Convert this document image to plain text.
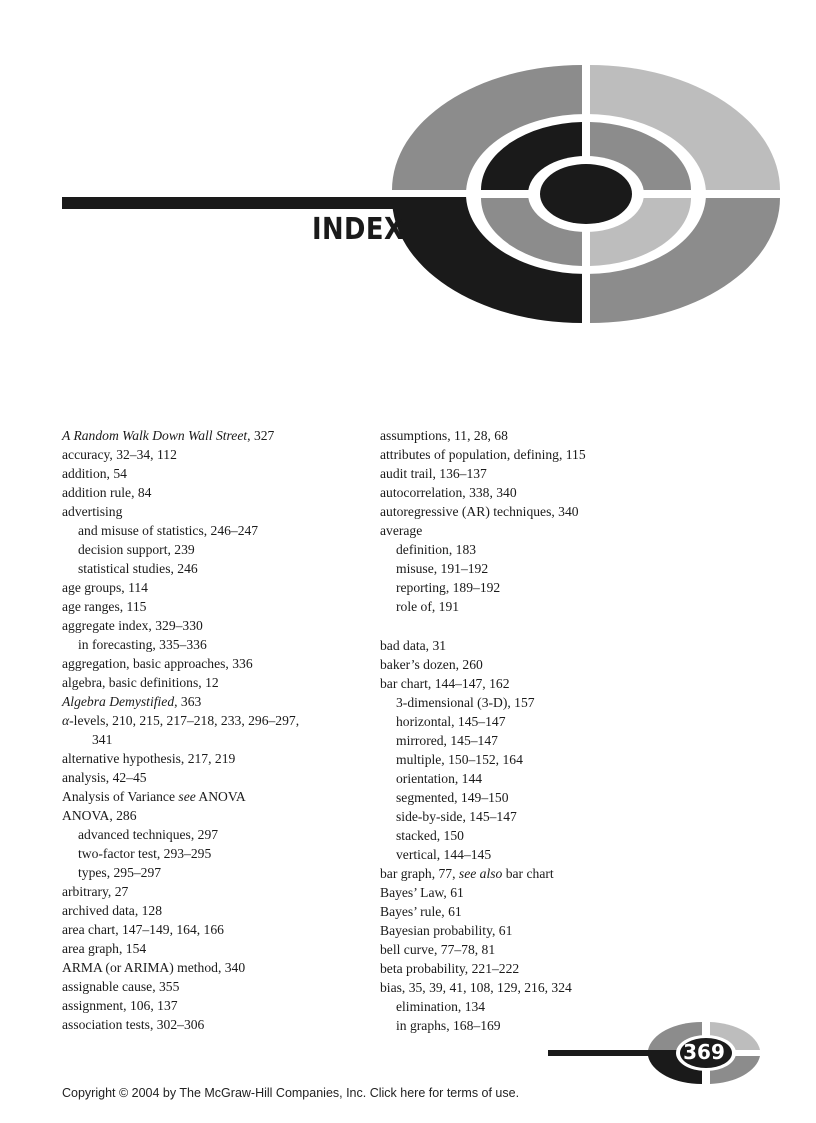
INDEX
A Random Walk Down Wall Street, 327
accuracy, 32–34, 112
addition, 54
addition rule, 84
advertising
and misuse of statistics, 246–247
decision support, 239
statistical studies, 246
age groups, 114
age ranges, 115
aggregate index, 329–330
in forecasting, 335–336
aggregation, basic approaches, 336
algebra, basic definitions, 12
Algebra Demystified, 363
α-levels, 210, 215, 217–218, 233, 296–297,
341
alternative hypothesis, 217, 219
analysis, 42–45
Analysis of Variance see ANOVA
ANOVA, 286
advanced techniques, 297
two-factor test, 293–295
types, 295–297
arbitrary, 27
archived data, 128
area chart, 147–149, 164, 166
area graph, 154
ARMA (or ARIMA) method, 340
assignable cause, 355
assignment, 106, 137
association tests, 302–306
assumptions, 11, 28, 68
attributes of population, defining, 115
audit trail, 136–137
autocorrelation, 338, 340
autoregressive (AR) techniques, 340
average
definition, 183
misuse, 191–192
reporting, 189–192
role of, 191
bad data, 31
baker’s dozen, 260
bar chart, 144–147, 162
3-dimensional (3-D), 157
horizontal, 145–147
mirrored, 145–147
multiple, 150–152, 164
orientation, 144
segmented, 149–150
side-by-side, 145–147
stacked, 150
vertical, 144–145
bar graph, 77, see also bar chart
Bayes’ Law, 61
Bayes’ rule, 61
Bayesian probability, 61
bell curve, 77–78, 81
beta probability, 221–222
bias, 35, 39, 41, 108, 129, 216, 324
elimination, 134
in graphs, 168–169
369
Copyright © 2004 by The McGraw-Hill Companies, Inc. Click here for terms of use.
